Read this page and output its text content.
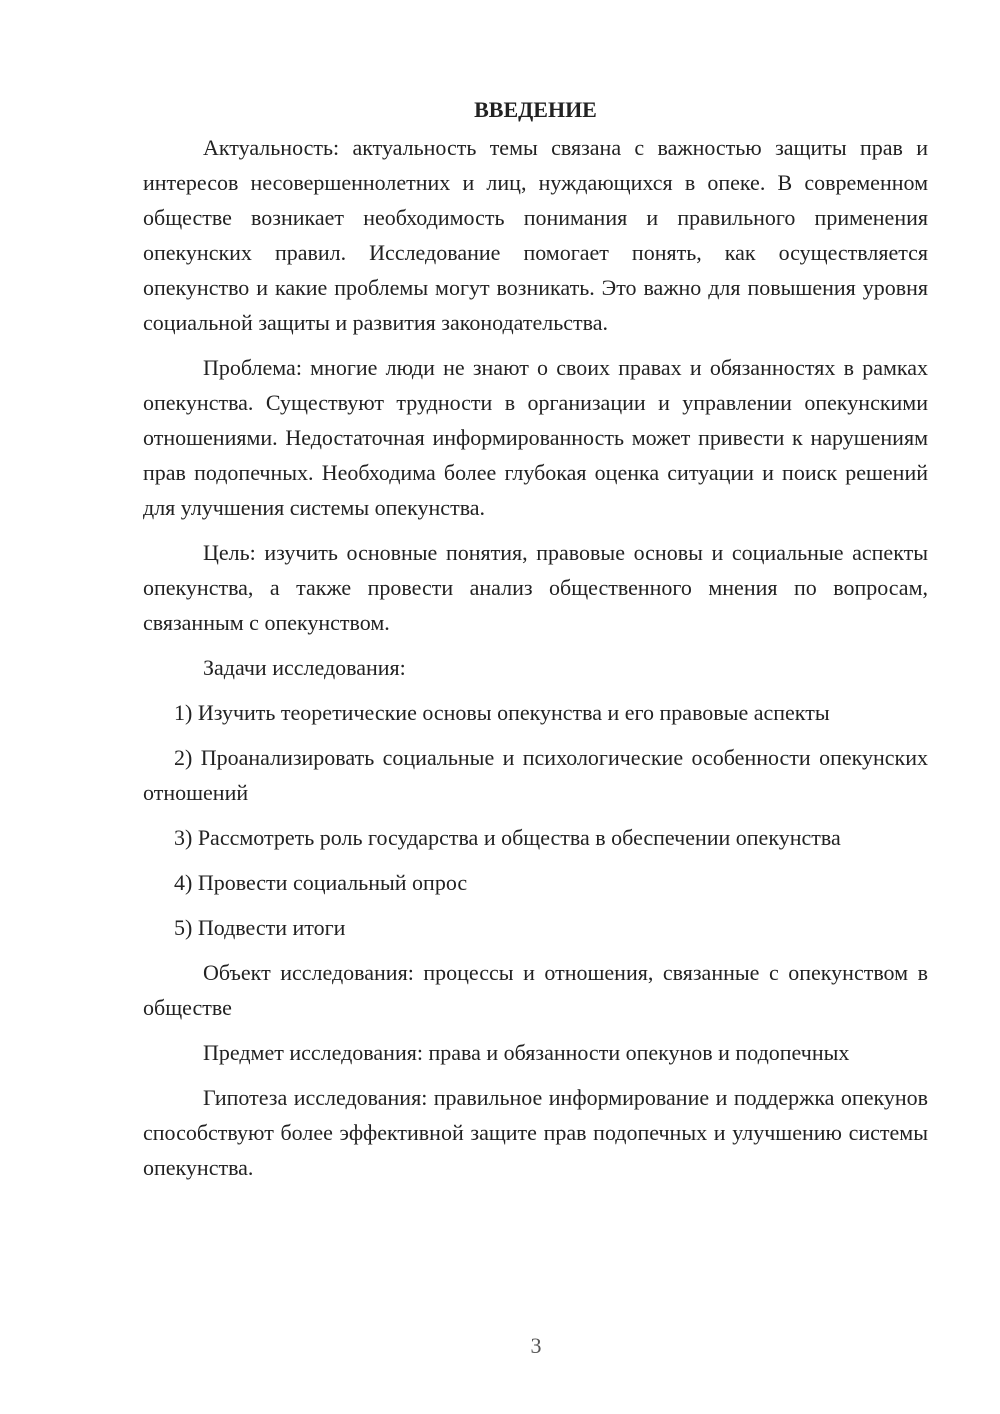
ВВЕДЕНИЕ

Актуальность: актуальность темы связана с важностью защиты прав и интересов несовершеннолетних и лиц, нуждающихся в опеке. В современном обществе возникает необходимость понимания и правильного применения опекунских правил. Исследование помогает понять, как осуществляется опекунство и какие проблемы могут возникать. Это важно для повышения уровня социальной защиты и развития законодательства.

Проблема: многие люди не знают о своих правах и обязанностях в рамках опекунства. Существуют трудности в организации и управлении опекунскими отношениями. Недостаточная информированность может привести к нарушениям прав подопечных. Необходима более глубокая оценка ситуации и поиск решений для улучшения системы опекунства.

Цель: изучить основные понятия, правовые основы и социальные аспекты опекунства, а также провести анализ общественного мнения по вопросам, связанным с опекунством.

Задачи исследования:

1) Изучить теоретические основы опекунства и его правовые аспекты
2) Проанализировать социальные и психологические особенности опекунских отношений
3) Рассмотреть роль государства и общества в обеспечении опекунства
4) Провести социальный опрос
5) Подвести итоги

Объект исследования: процессы и отношения, связанные с опекунством в обществе

Предмет исследования: права и обязанности опекунов и подопечных

Гипотеза исследования: правильное информирование и поддержка опекунов способствуют более эффективной защите прав подопечных и улучшению системы опекунства.

3
